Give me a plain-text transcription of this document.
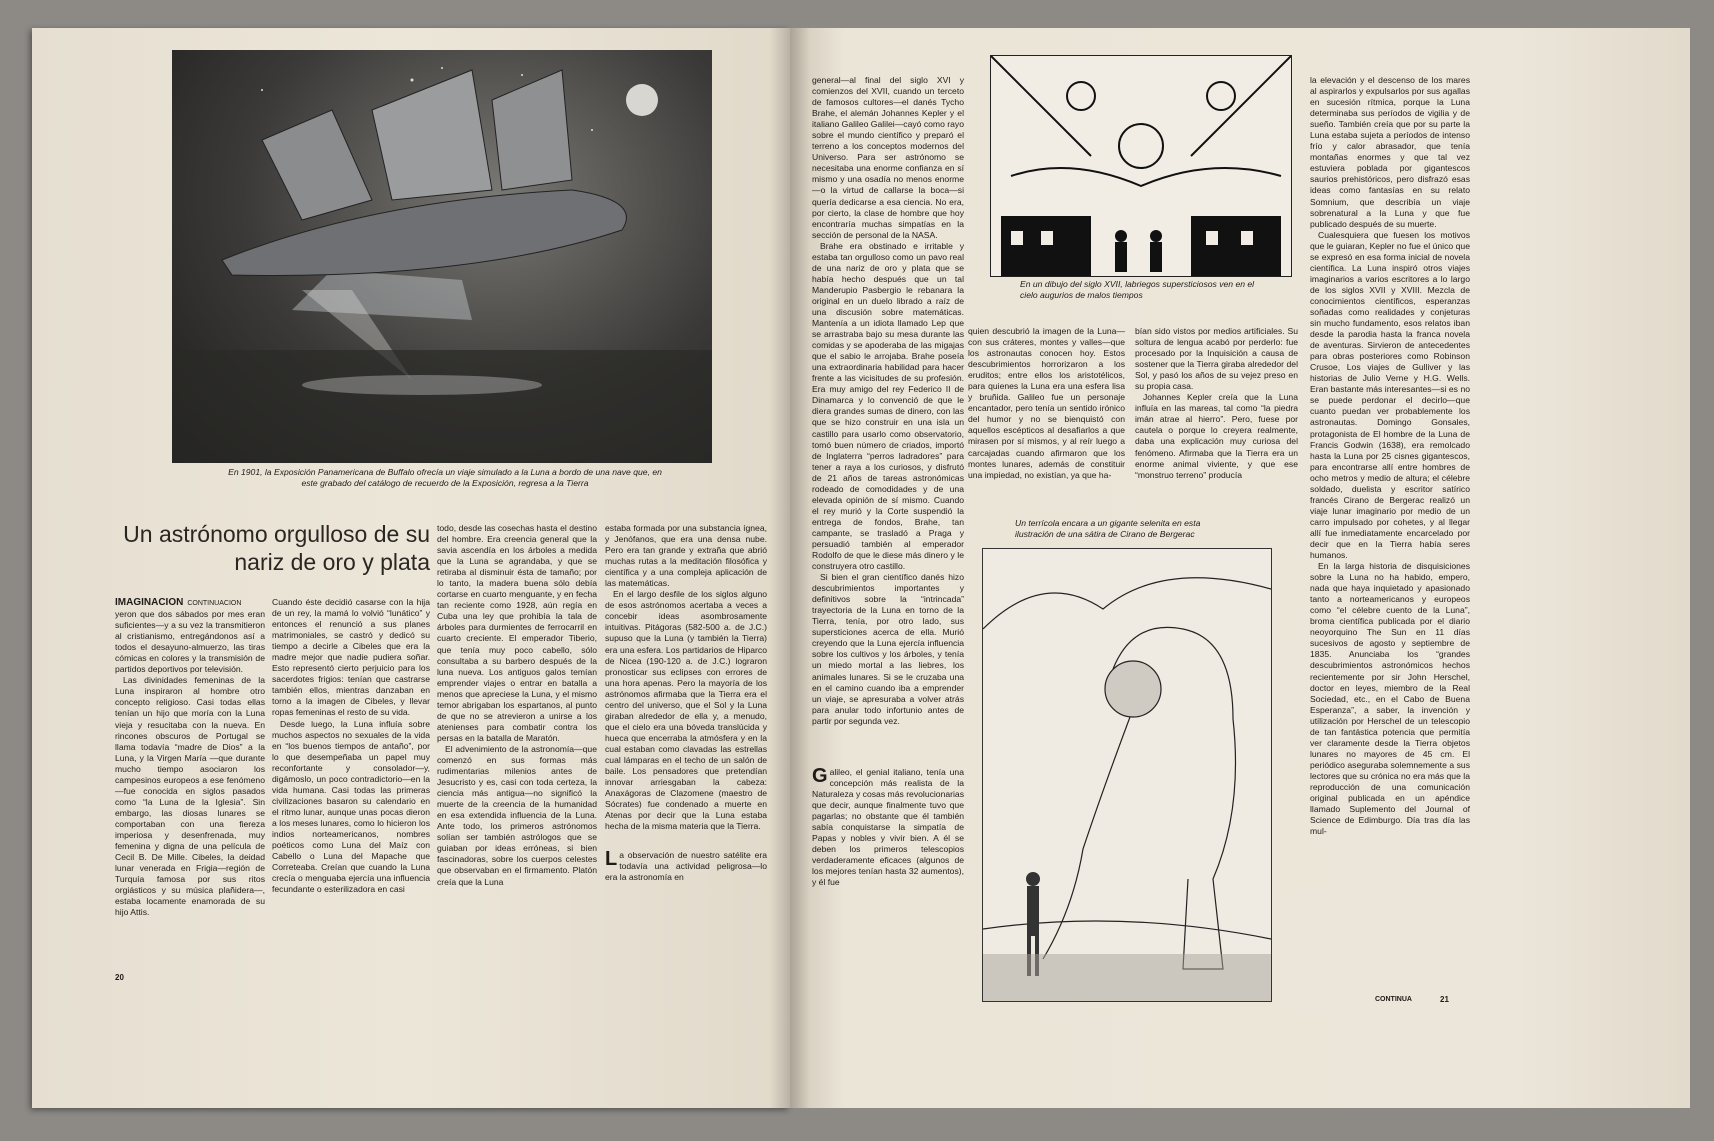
En 1901, la Exposición Panamericana de Buffalo ofrecía un viaje simulado a la Luna a bordo de una nave que, en este grabado del catálogo de recuerdo de la Exposición, regresa a la Tierra
Un astrónomo orgulloso de su nariz de oro y plata
IMAGINACION CONTINUACION

yeron que dos sábados por mes eran suficientes—y a su vez la transmitieron al cristianismo, entregándonos así a todos el desayuno-almuerzo, las tiras cómicas en colores y la transmisión de partidos deportivos por televisión.

Las divinidades femeninas de la Luna inspiraron al hombre otro concepto religioso. Casi todas ellas tenían un hijo que moría con la Luna vieja y resucitaba con la nueva. En rincones obscuros de Portugal se llama todavía “madre de Dios” a la Luna, y la Virgen María —que durante mucho tiempo asociaron los campesinos europeos a ese fenómeno—fue conocida en siglos pasados como “la Luna de la Iglesia”. Sin embargo, las diosas lunares se comportaban con una fiereza imperiosa y desenfrenada, muy femenina y digna de una película de Cecil B. De Mille. Cibeles, la deidad lunar venerada en Frigia—región de Turquía famosa por sus ritos orgiásticos y su música plañidera—, estaba locamente enamorada de su hijo Attis.

Cuando éste decidió casarse con la hija de un rey, la mamá lo volvió “lunático” y entonces el renunció a sus planes matrimoniales, se castró y dedicó su tiempo a decirle a Cibeles que era la madre mejor que nadie pudiera soñar. Esto representó cierto perjuicio para los sacerdotes frigios: tenían que castrarse también ellos, mientras danzaban en torno a la imagen de Cibeles, y llevar ropas femeninas el resto de su vida.

Desde luego, la Luna influía sobre muchos aspectos no sexuales de la vida en “los buenos tiempos de antaño”, por lo que desempeñaba un papel muy reconfortante y consolador—y, digámoslo, un poco contradictorio—en la vida humana. Casi todas las primeras civilizaciones basaron su calendario en el ritmo lunar, aunque unas pocas dieron a los meses lunares, como lo hicieron los indios norteamericanos, nombres poéticos como Luna del Maíz con Cabello o Luna del Mapache que Correteaba. Creían que cuando la Luna crecía o menguaba ejercía una influencia fecundante o esterilizadora en casi

todo, desde las cosechas hasta el destino del hombre. Era creencia general que la savia ascendía en los árboles a medida que la Luna se agrandaba, y que se retiraba al disminuir ésta de tamaño; por lo tanto, la madera buena sólo debía cortarse en cuarto menguante, y en fecha tan reciente como 1928, aún regía en Cuba una ley que prohibía la tala de árboles para durmientes de ferrocarril en cuarto creciente. El emperador Tiberio, que tenía muy poco cabello, sólo consultaba a su barbero después de la luna nueva. Los antiguos galos temían emprender viajes o entrar en batalla a menos que apreciese la Luna, y el mismo temor abrigaban los espartanos, al punto de que no se atrevieron a unirse a los atenienses para combatir contra los persas en la batalla de Maratón.

El advenimiento de la astronomía—que comenzó en sus formas más rudimentarias milenios antes de Jesucristo y es, casi con toda certeza, la ciencia más antigua—no significó la muerte de la creencia de la humanidad en esa extendida influencia de la Luna. Ante todo, los primeros astrónomos solían ser también astrólogos que se guiaban por ideas erróneas, si bien fascinadoras, sobre los cuerpos celestes que observaban en el firmamento. Platón creía que la Luna

estaba formada por una substancia ígnea, y Jenófanos, que era una densa nube. Pero era tan grande y extraña que abrió muchas rutas a la meditación filosófica y científica y a una compleja aplicación de las matemáticas.

En el largo desfile de los siglos alguno de esos astrónomos acertaba a veces a concebir ideas asombrosamente intuitivas. Pitágoras (582-500 a. de J.C.) supuso que la Luna (y también la Tierra) era una esfera. Los partidarios de Hiparco de Nicea (190-120 a. de J.C.) lograron pronosticar sus eclipses con errores de una hora apenas. Pero la mayoría de los astrónomos afirmaba que la Tierra era el centro del universo, que el Sol y la Luna giraban alrededor de ella y, a menudo, que el cielo era una bóveda translúcida y hueca que encerraba la atmósfera y en la cual estaban como clavadas las estrellas cual lámparas en el techo de un salón de baile. Los pensadores que pretendían innovar arriesgaban la cabeza: Anaxágoras de Clazomene (maestro de Sócrates) fue condenado a muerte en Atenas por decir que la Luna estaba hecha de la misma materia que la Tierra.

La observación de nuestro satélite era todavía una actividad peligrosa—lo era la astronomía en

20

general—al final del siglo XVI y comienzos del XVII, cuando un terceto de famosos cultores—el danés Tycho Brahe, el alemán Johannes Kepler y el italiano Galileo Galilei—cayó como rayo sobre el mundo científico y preparó el terreno a los conceptos modernos del Universo. Para ser astrónomo se necesitaba una enorme confianza en sí mismo y una osadía no menos enorme—o la virtud de callarse la boca—si quería dedicarse a esa ciencia. No era, por cierto, la clase de hombre que hoy encontraría muchas simpatías en la sección de personal de la NASA.

Brahe era obstinado e irritable y estaba tan orgulloso como un pavo real de una nariz de oro y plata que se había hecho después que un tal Manderupio Pasbergio le rebanara la original en un duelo librado a raíz de una discusión sobre matemáticas. Mantenía a un idiota llamado Lep que se arrastraba bajo su mesa durante las comidas y se apoderaba de las migajas que el sabio le arrojaba. Brahe poseía una extraordinaria habilidad para hacer frente a las vicisitudes de su profesión. Era muy amigo del rey Federico II de Dinamarca y lo convenció de que le diera grandes sumas de dinero, con las que se hizo construir en una isla un castillo para usarlo como observatorio, tomó buen número de criados, importó de Inglaterra “perros ladradores” para tener a raya a los curiosos, y disfrutó de 21 años de tareas astronómicas rodeado de comodidades y de una elevada opinión de sí mismo. Cuando el rey murió y la Corte suspendió la entrega de fondos, Brahe, tan campante, se trasladó a Praga y persuadió también al emperador Rodolfo de que le diese más dinero y le construyera otro castillo.

Si bien el gran científico danés hizo descubrimientos importantes y definitivos sobre la “intrincada” trayectoria de la Luna en torno de la Tierra, tenía, por otro lado, sus supersticiones acerca de ella. Murió creyendo que la Luna ejercía influencia sobre los cultivos y los árboles, y tenía un miedo mortal a las liebres, los animales lunares. Si se le cruzaba una en el camino cuando iba a emprender un viaje, se apresuraba a volver atrás para anular todo infortunio antes de partir por segunda vez.

Galileo, el genial italiano, tenía una concepción más realista de la Naturaleza y cosas más revolucionarias que decir, aunque finalmente tuvo que pagarlas; no obstante que él también sabía conquistarse la simpatía de Papas y nobles y vivir bien. A él se deben los primeros telescopios verdaderamente eficaces (algunos de los mejores tenían hasta 32 aumentos), y él fue

En un dibujo del siglo XVII, labriegos supersticiosos ven en el cielo augurios de malos tiempos

quien descubrió la imagen de la Luna—con sus cráteres, montes y valles—que los astronautas conocen hoy. Estos descubrimientos horrorizaron a los eruditos; entre ellos los aristotélicos, para quienes la Luna era una esfera lisa y bruñida. Galileo fue un personaje encantador, pero tenía un sentido irónico del humor y no se bienquistó con aquellos escépticos al desafiarlos a que mirasen por sí mismos, y al reír luego a carcajadas cuando afirmaron que los montes lunares, además de constituir una impiedad, no existían, ya que ha-

bían sido vistos por medios artificiales. Su soltura de lengua acabó por perderlo: fue procesado por la Inquisición a causa de sostener que la Tierra giraba alrededor del Sol, y pasó los años de su vejez preso en su propia casa.

Johannes Kepler creía que la Luna influía en las mareas, tal como “la piedra imán atrae al hierro”. Pero, fuese por cautela o porque lo creyera realmente, daba una explicación muy curiosa del fenómeno. Afirmaba que la Tierra era un enorme animal viviente, y que ese “monstruo terreno” producía

Un terrícola encara a un gigante selenita en esta ilustración de una sátira de Cirano de Bergerac

la elevación y el descenso de los mares al aspirarlos y expulsarlos por sus agallas en sucesión rítmica, porque la Luna determinaba sus períodos de vigilia y de sueño. También creía que por su parte la Luna estaba sujeta a períodos de intenso frío y calor abrasador, que tenía montañas enormes y que tal vez estuviera poblada por gigantescos saurios prehistóricos, pero disfrazó esas ideas como fantasías en su relato Somnium, que describía un viaje sobrenatural a la Luna y que fue publicado después de su muerte.

Cualesquiera que fuesen los motivos que le guiaran, Kepler no fue el único que se expresó en esa forma inicial de novela científica. La Luna inspiró otros viajes imaginarios a varios escritores a lo largo de los siglos XVII y XVIII. Mezcla de conocimientos científicos, esperanzas soñadas como realidades y conjeturas sin mucho fundamento, esos relatos iban desde la parodia hasta la franca novela de aventuras. Sirvieron de antecedentes para obras posteriores como Robinson Crusoe, Los viajes de Gulliver y las historias de Julio Verne y H.G. Wells. Eran bastante más interesantes—si es no se puede perdonar el decirlo—que cuanto puedan ver probablemente los astronautas. Domingo Gonsales, protagonista de El hombre de la Luna de Francis Godwin (1638), era remolcado hasta la Luna por 25 cisnes gigantescos, para encontrarse allí entre hombres de ocho metros y medio de altura; el célebre soldado, duelista y escritor satírico francés Cirano de Bergerac realizó un viaje lunar imaginario por medio de un carro impulsado por cohetes, y al llegar allí fue inmediatamente encarcelado por decir que en la Tierra había seres humanos.

En la larga historia de disquisiciones sobre la Luna no ha habido, empero, nada que haya inquietado y apasionado tanto a norteamericanos y europeos como “el célebre cuento de la Luna”, broma científica publicada por el diario neoyorquino The Sun en 11 días sucesivos de agosto y septiembre de 1835. Anunciaba los “grandes descubrimientos astronómicos hechos recientemente por sir John Herschel, doctor en leyes, miembro de la Real Sociedad, etc., en el Cabo de Buena Esperanza”, a saber, la invención y utilización por Herschel de un telescopio de tan fantástica potencia que permitía ver claramente desde la Tierra objetos lunares no mayores de 45 cm. El periódico aseguraba solemnemente a sus lectores que su crónica no era más que la reproducción de una comunicación original publicada en un apéndice llamado Suplemento del Journal of Science de Edimburgo. Día tras día las mul-

CONTINUA	21
